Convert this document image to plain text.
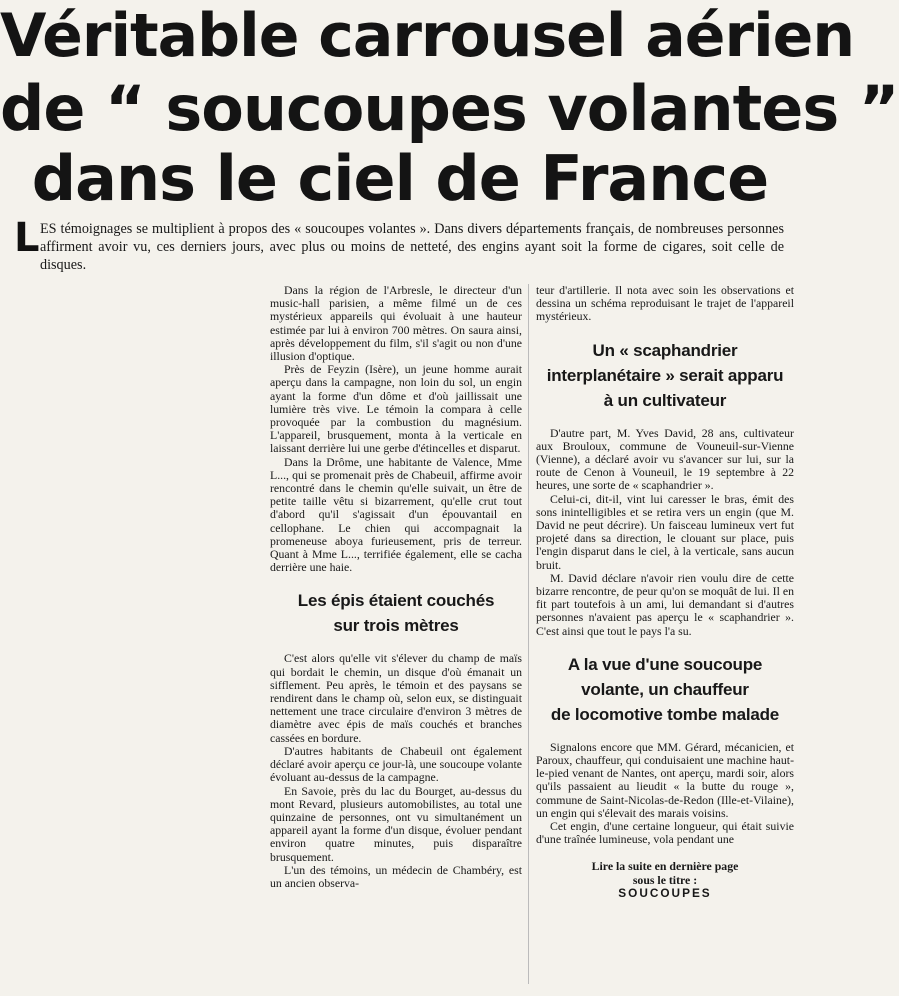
Véritable carrousel aérien
de “ soucoupes volantes ”
dans le ciel de France
L ES témoignages se multiplient à propos des « soucoupes volantes ». Dans divers départements français, de nombreuses personnes affirment avoir vu, ces derniers jours, avec plus ou moins de netteté, des engins ayant soit la forme de cigares, soit celle de disques.

Dans la région de l'Arbresle, le directeur d'un music-hall parisien, a même filmé un de ces mystérieux appareils qui évoluait à une hauteur estimée par lui à environ 700 mètres. On saura ainsi, après développement du film, s'il s'agit ou non d'une illusion d'optique.

Près de Feyzin (Isère), un jeune homme aurait aperçu dans la campagne, non loin du sol, un engin ayant la forme d'un dôme et d'où jaillissait une lumière très vive. Le témoin la compara à celle provoquée par la combustion du magnésium. L'appareil, brusquement, monta à la verticale en laissant derrière lui une gerbe d'étincelles et disparut.

Dans la Drôme, une habitante de Valence, Mme L..., qui se promenait près de Chabeuil, affirme avoir rencontré dans le chemin qu'elle suivait, un être de petite taille vêtu si bizarrement, qu'elle crut tout d'abord qu'il s'agissait d'un épouvantail en cellophane. Le chien qui accompagnait la promeneuse aboya furieusement, pris de terreur. Quant à Mme L..., terrifiée également, elle se cacha derrière une haie.

Les épis étaient couchés
sur trois mètres

C'est alors qu'elle vit s'élever du champ de maïs qui bordait le chemin, un disque d'où émanait un sifflement. Peu après, le témoin et des paysans se rendirent dans le champ où, selon eux, se distinguait nettement une trace circulaire d'environ 3 mètres de diamètre avec épis de maïs couchés et branches cassées en bordure.

D'autres habitants de Chabeuil ont également déclaré avoir aperçu ce jour-là, une soucoupe volante évoluant au-dessus de la campagne.

En Savoie, près du lac du Bourget, au-dessus du mont Revard, plusieurs automobilistes, au total une quinzaine de personnes, ont vu simultanément un appareil ayant la forme d'un disque, évoluer pendant environ quatre minutes, puis disparaître brusquement.

L'un des témoins, un médecin de Chambéry, est un ancien observa-

teur d'artillerie. Il nota avec soin les observations et dessina un schéma reproduisant le trajet de l'appareil mystérieux.

Un « scaphandrier
interplanétaire » serait apparu
à un cultivateur

D'autre part, M. Yves David, 28 ans, cultivateur aux Brouloux, commune de Vouneuil-sur-Vienne (Vienne), a déclaré avoir vu s'avancer sur lui, sur la route de Cenon à Vouneuil, le 19 septembre à 22 heures, une sorte de « scaphandrier ».

Celui-ci, dit-il, vint lui caresser le bras, émit des sons inintelligibles et se retira vers un engin (que M. David ne peut décrire). Un faisceau lumineux vert fut projeté dans sa direction, le clouant sur place, puis l'engin disparut dans le ciel, à la verticale, sans aucun bruit.

M. David déclare n'avoir rien voulu dire de cette bizarre rencontre, de peur qu'on se moquât de lui. Il en fit part toutefois à un ami, lui demandant si d'autres personnes n'avaient pas aperçu le « scaphandrier ». C'est ainsi que tout le pays l'a su.

A la vue d'une soucoupe
volante, un chauffeur
de locomotive tombe malade

Signalons encore que MM. Gérard, mécanicien, et Paroux, chauffeur, qui conduisaient une machine haut-le-pied venant de Nantes, ont aperçu, mardi soir, alors qu'ils passaient au lieudit « la butte du rouge », commune de Saint-Nicolas-de-Redon (Ille-et-Vilaine), un engin qui s'élevait des marais voisins.

Cet engin, d'une certaine longueur, qui était suivie d'une traînée lumineuse, vola pendant une

Lire la suite en dernière page
sous le titre :
SOUCOUPES
